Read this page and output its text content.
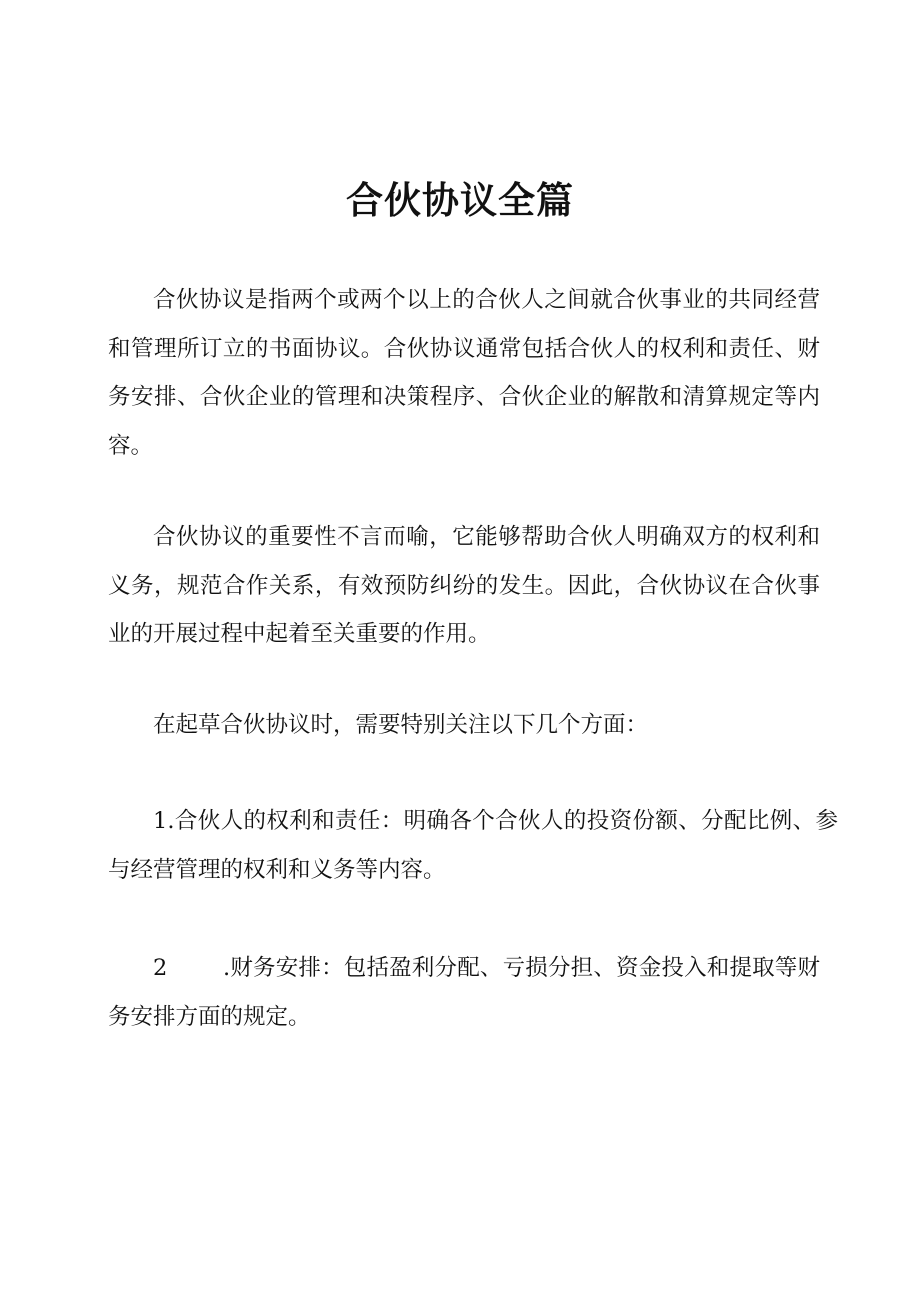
合伙协议全篇

合伙协议是指两个或两个以上的合伙人之间就合伙事业的共同经营和管理所订立的书面协议。合伙协议通常包括合伙人的权利和责任、财务安排、合伙企业的管理和决策程序、合伙企业的解散和清算规定等内容。

合伙协议的重要性不言而喻，它能够帮助合伙人明确双方的权利和义务，规范合作关系，有效预防纠纷的发生。因此，合伙协议在合伙事业的开展过程中起着至关重要的作用。

在起草合伙协议时，需要特别关注以下几个方面：

1.合伙人的权利和责任：明确各个合伙人的投资份额、分配比例、参与经营管理的权利和义务等内容。

2 .财务安排：包括盈利分配、亏损分担、资金投入和提取等财务安排方面的规定。
